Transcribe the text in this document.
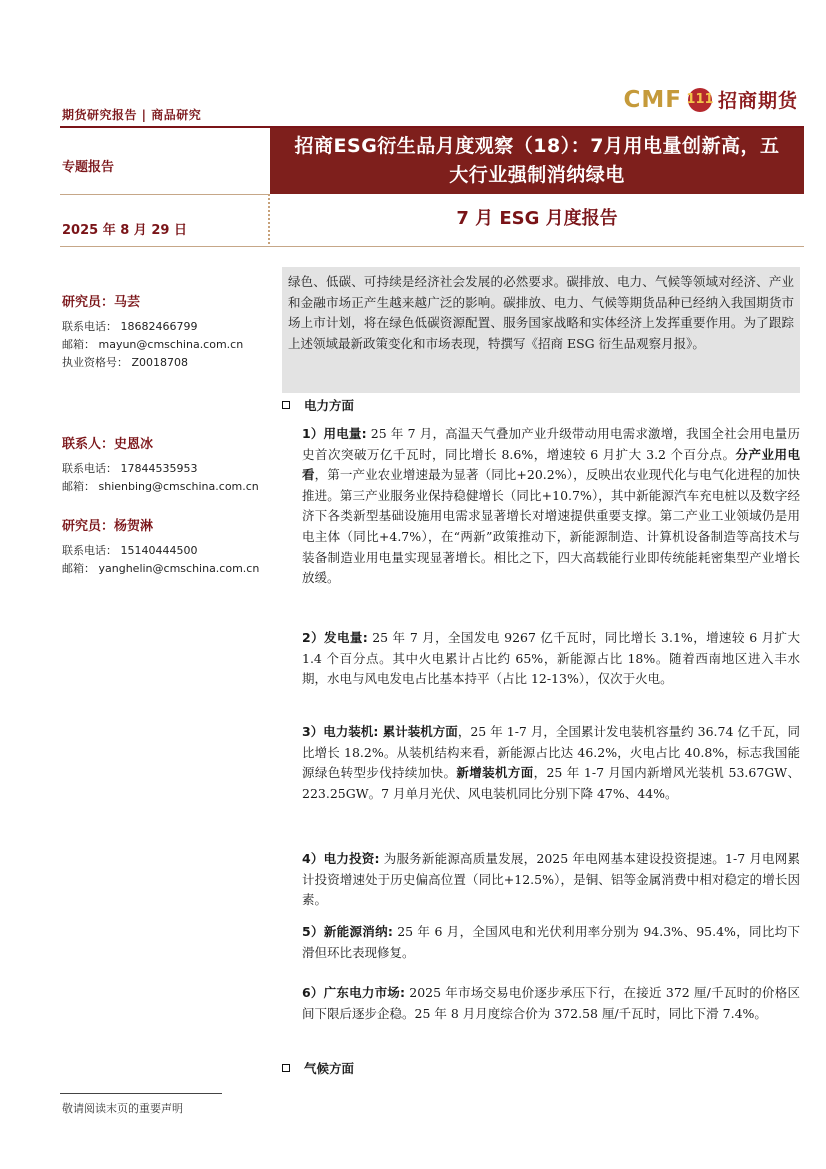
期货研究报告 | 商品研究
CMF 111 招商期货
专题报告
2025 年 8 月 29 日
招商ESG衍生品月度观察（18）：7月用电量创新高，五大行业强制消纳绿电
7 月 ESG 月度报告
研究员：马芸
联系电话： 18682466799
邮箱： mayun@cmschina.com.cn
执业资格号： Z0018708
联系人：史恩冰
联系电话： 17844535953
邮箱： shienbing@cmschina.com.cn
研究员：杨贺淋
联系电话： 15140444500
邮箱： yanghelin@cmschina.com.cn
绿色、低碳、可持续是经济社会发展的必然要求。碳排放、电力、气候等领域对经济、产业和金融市场正产生越来越广泛的影响。碳排放、电力、气候等期货品种已经纳入我国期货市场上市计划，将在绿色低碳资源配置、服务国家战略和实体经济上发挥重要作用。为了跟踪上述领域最新政策变化和市场表现，特撰写《招商 ESG 衍生品观察月报》。
电力方面
1）用电量: 25 年 7 月，高温天气叠加产业升级带动用电需求激增，我国全社会用电量历史首次突破万亿千瓦时，同比增长 8.6%，增速较 6 月扩大 3.2 个百分点。分产业用电看，第一产业农业增速最为显著（同比+20.2%），反映出农业现代化与电气化进程的加快推进。第三产业服务业保持稳健增长（同比+10.7%），其中新能源汽车充电桩以及数字经济下各类新型基础设施用电需求显著增长对增速提供重要支撑。第二产业工业领域仍是用电主体（同比+4.7%），在“两新”政策推动下，新能源制造、计算机设备制造等高技术与装备制造业用电量实现显著增长。相比之下，四大高载能行业即传统能耗密集型产业增长放缓。
2）发电量: 25 年 7 月，全国发电 9267 亿千瓦时，同比增长 3.1%，增速较 6 月扩大 1.4 个百分点。其中火电累计占比约 65%，新能源占比 18%。随着西南地区进入丰水期，水电与风电发电占比基本持平（占比 12-13%），仅次于火电。
3）电力装机: 累计装机方面，25 年 1-7 月，全国累计发电装机容量约 36.74 亿千瓦，同比增长 18.2%。从装机结构来看，新能源占比达 46.2%，火电占比 40.8%，标志我国能源绿色转型步伐持续加快。新增装机方面，25 年 1-7 月国内新增风光装机 53.67GW、223.25GW。7 月单月光伏、风电装机同比分别下降 47%、44%。
4）电力投资: 为服务新能源高质量发展，2025 年电网基本建设投资提速。1-7 月电网累计投资增速处于历史偏高位置（同比+12.5%），是铜、铝等金属消费中相对稳定的增长因素。
5）新能源消纳: 25 年 6 月，全国风电和光伏利用率分别为 94.3%、95.4%，同比均下滑但环比表现修复。
6）广东电力市场: 2025 年市场交易电价逐步承压下行，在接近 372 厘/千瓦时的价格区间下限后逐步企稳。25 年 8 月月度综合价为 372.58 厘/千瓦时，同比下滑 7.4%。
气候方面
敬请阅读末页的重要声明
